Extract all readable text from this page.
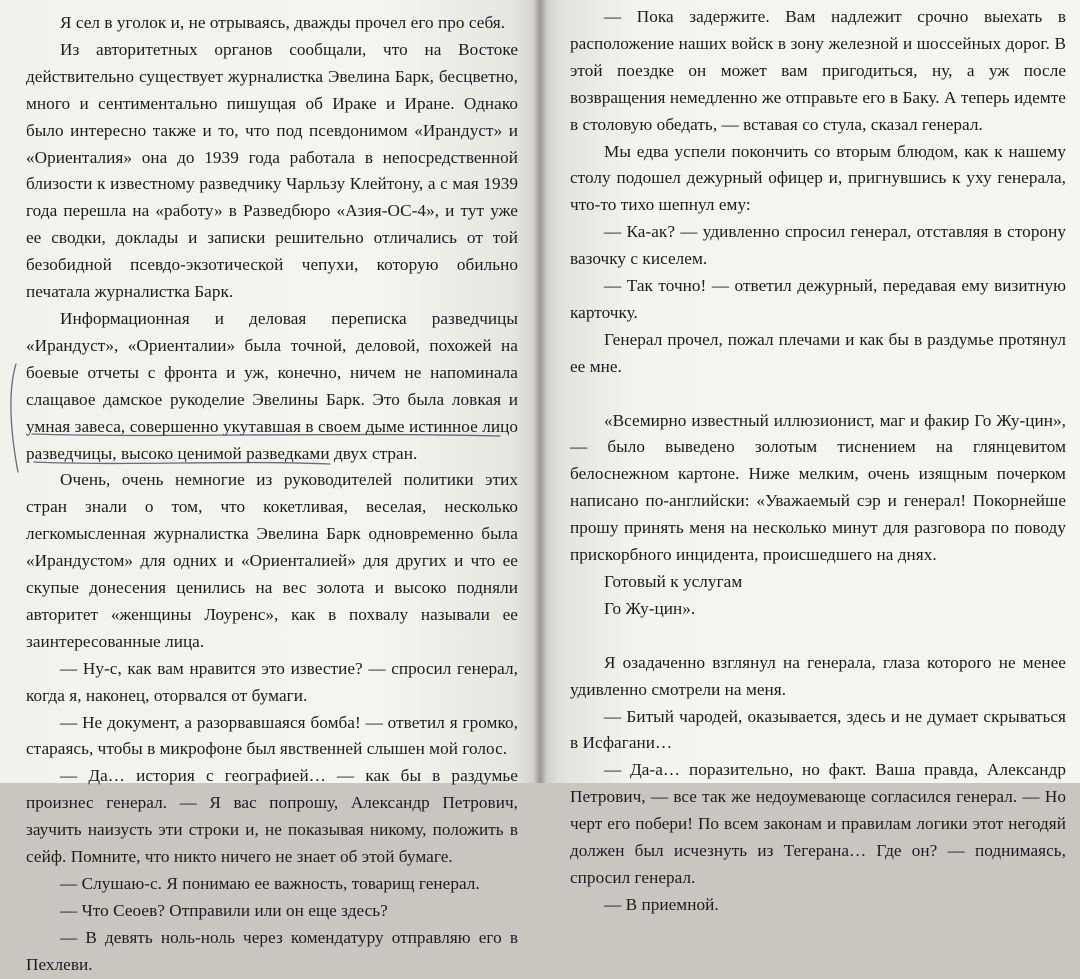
Я сел в уголок и, не отрываясь, дважды прочел его про себя.

Из авторитетных органов сообщали, что на Востоке действительно существует журналистка Эвелина Барк, бесцветно, много и сентиментально пишущая об Ираке и Иране. Однако было интересно также и то, что под псевдонимом «Ирандуст» и «Ориенталия» она до 1939 года работала в непосредственной близости к известному разведчику Чарльзу Клейтону, а с мая 1939 года перешла на «работу» в Разведбюро «Азия-ОС-4», и тут уже ее сводки, доклады и записки решительно отличались от той безобидной псевдо-экзотической чепухи, которую обильно печатала журналистка Барк.

Информационная и деловая переписка разведчицы «Ирандуст», «Ориенталии» была точной, деловой, похожей на боевые отчеты с фронта и уж, конечно, ничем не напоминала слащавое дамское рукоделие Эвелины Барк. Это была ловкая и умная завеса, совершенно укутавшая в своем дыме истинное лицо разведчицы, высоко ценимой разведками двух стран.

Очень, очень немногие из руководителей политики этих стран знали о том, что кокетливая, веселая, несколько легкомысленная журналистка Эвелина Барк одновременно была «Ирандустом» для одних и «Ориенталией» для других и что ее скупые донесения ценились на вес золота и высоко подняли авторитет «женщины Лоуренс», как в похвалу называли ее заинтересованные лица.

— Ну-с, как вам нравится это известие? — спросил генерал, когда я, наконец, оторвался от бумаги.

— Не документ, а разорвавшаяся бомба! — ответил я громко, стараясь, чтобы в микрофоне был явственней слышен мой голос.

— Да… история с географией… — как бы в раздумье произнес генерал. — Я вас попрошу, Александр Петрович, заучить наизусть эти строки и, не показывая никому, положить в сейф. Помните, что никто ничего не знает об этой бумаге.

— Слушаю-с. Я понимаю ее важность, товарищ генерал.

— Что Сеоев? Отправили или он еще здесь?

— В девять ноль-ноль через комендатуру отправляю его в Пехлеви.

— Пока задержите. Вам надлежит срочно выехать в расположение наших войск в зону железной и шоссейных дорог. В этой поездке он может вам пригодиться, ну, а уж после возвращения немедленно же отправьте его в Баку. А теперь идемте в столовую обедать, — вставая со стула, сказал генерал.

Мы едва успели покончить со вторым блюдом, как к нашему столу подошел дежурный офицер и, пригнувшись к уху генерала, что-то тихо шепнул ему:

— Ка-ак? — удивленно спросил генерал, отставляя в сторону вазочку с киселем.

— Так точно! — ответил дежурный, передавая ему визитную карточку.

Генерал прочел, пожал плечами и как бы в раздумье протянул ее мне.

«Всемирно известный иллюзионист, маг и факир Го Жу-цин», — было выведено золотым тиснением на глянцевитом белоснежном картоне. Ниже мелким, очень изящным почерком написано по-английски: «Уважаемый сэр и генерал! Покорнейше прошу принять меня на несколько минут для разговора по поводу прискорбного инцидента, происшедшего на днях.

Готовый к услугам

Го Жу-цин».

Я озадаченно взглянул на генерала, глаза которого не менее удивленно смотрели на меня.

— Битый чародей, оказывается, здесь и не думает скрываться в Исфагани…

— Да-а… поразительно, но факт. Ваша правда, Александр Петрович, — все так же недоумевающе согласился генерал. — Но черт его побери! По всем законам и правилам логики этот негодяй должен был исчезнуть из Тегерана… Где он? — поднимаясь, спросил генерал.

— В приемной.
